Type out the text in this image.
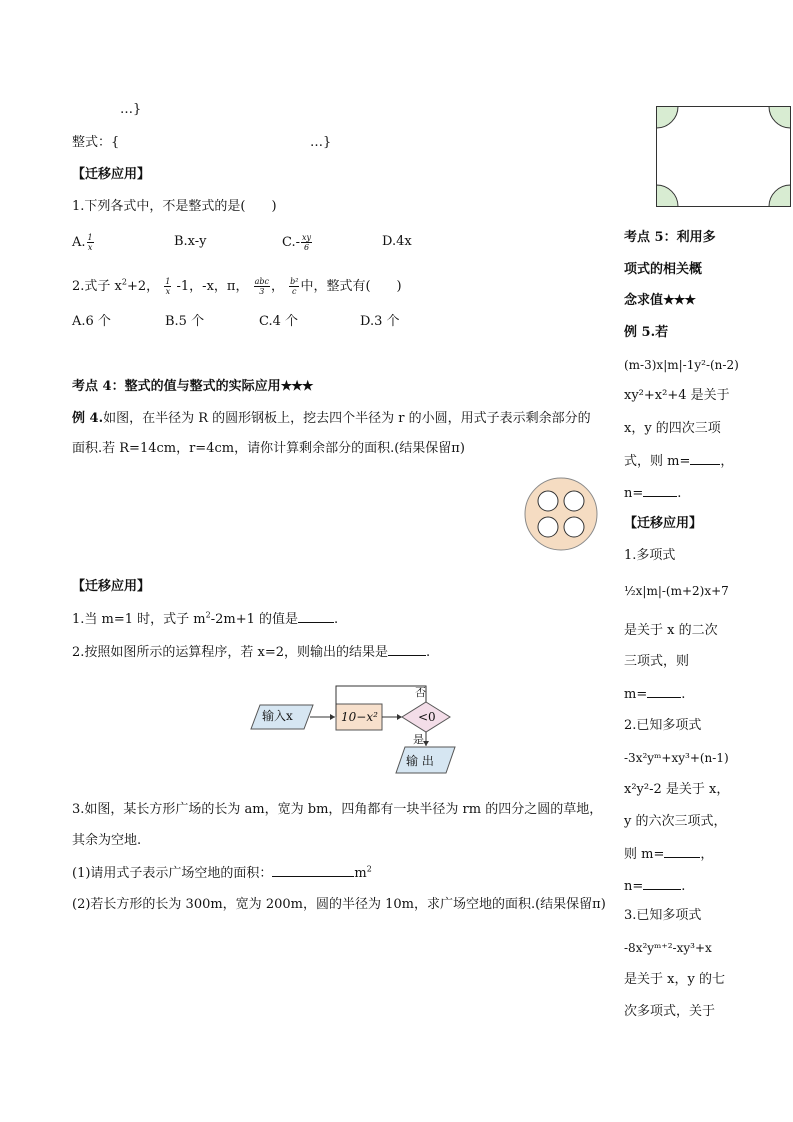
…}
整式：{	…}
【迁移应用】
1.下列各式中，不是整式的是(　　)
A. $\frac{1}{x}$	B.x-y	$C.- \frac{xy}{6}$	D.4x
2.式子 $x^2+2$， $\frac{1}{x} -1$，-x，π， $\frac{\text{abc}}{3}$ ， $\frac{\text{b²}}{c}$ 中，整式有(　　)
A.6 个	B.5 个	C.4 个	D.3 个
考点 4：整式的值与整式的实际应用★★★
例 4.如图，在半径为 R 的圆形钢板上，挖去四个半径为 r 的小圆，用式子表示剩余部分的
面积.若 R=14cm，r=4cm，请你计算剩余部分的面积.(结果保留π)
【迁移应用】
1.当 m=1 时，式子 $m^2-2m+1$ 的值是	.
2.按照如图所示的运算程序，若 x=2，则输出的结果是	.
输入x	10−x²	<0
否
是
输 出
3.如图，某长方形广场的长为 am，宽为 bm，四角都有一块半径为 rm 的四分之圆的草地，
其余为空地.
(1)请用式子表示广场空地的面积：	$m^2$
(2)若长方形的长为 300m，宽为 200m，圆的半径为 10m，求广场空地的面积.(结果保留π)
考点 5：利用多
项式的相关概
念求值★★★
例 5.若
(m-3)x|m|-1y²-(n-2)
xy²+x²+4 是关于
x，y 的四次三项
式，则 m= ，
n=	.
【迁移应用】
1.多项式
½x|m|-(m+2)x+7
是关于 x 的二次
三项式，则
m=	.
2.已知多项式
-3x²yᵐ+xy³+(n-1)
x²y²-2 是关于 x，
y 的六次三项式，
则 m=	，
n=	.
3.已知多项式
-8x²yᵐ⁺²-xy³+x
是关于 x，y 的七
次多项式，关于
